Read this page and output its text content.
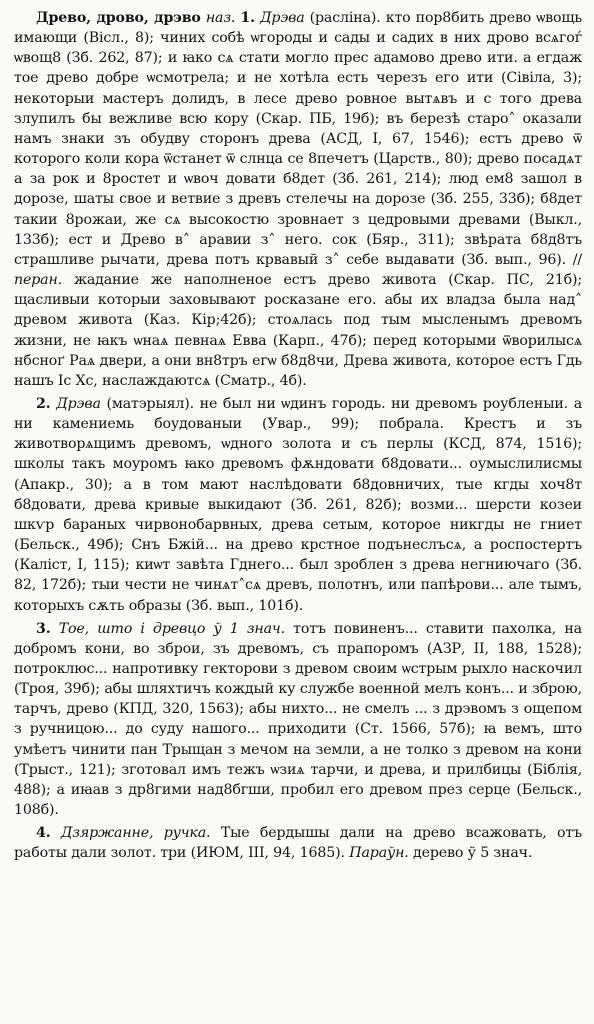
Древо, дрово, дрэво наз. 1. Дрэва (расліна). кто пор8бить древо ѡвощь имающи (Вісл., 8); чиних собѣ ѡгороды и сады и садих в них дрово всѧгоѓ ѡвощ8 (Зб. 262, 87); и ꙗко сѧ стати могло прес адамово древо ити. а егдаж тое древо добре ѡсмотрела; и не хотѣла есть черезъ его ити (Сівіла, 3); некоторыи мастеръ долидъ, в лесе древо ровное вытѧвъ и с того древа злупилъ бы вежливе всю кору (Скар. ПБ, 19б); въ березѣ старо˄ оказали намъ знаки зъ обудву сторонъ древа (АСД, I, 67, 1546); естъ древо ѿ которого коли кора ѿстанет ѿ слнца се 8печетъ (Царств., 80); древо посадѧт а за рок и 8ростет и ѡвоч довати б8дет (Зб. 261, 214); люд ем8 зашол в дорозе, шаты свое и ветвие з древъ стелечы на дорозе (Зб. 255, 33б); б8дет такии 8рожаи, же сѧ высокостю зровнает з цедровыми древами (Выкл., 133б); ест и Древо в˄ аравии з˄ него. сок (Бяр., 311); звѣрата б8д8тъ страшливе рычати, древа потъ крвавый з˄ себе выдавати (Зб. вып., 96). // перан. жадание же наполненое естъ древо живота (Скар. ПС, 21б); щасливыи которыи заховывают росказане его. абы их владза была над˄ древом живота (Каз. Кір;42б); стоѧлась под тым мысленымъ древомъ жизни, не ꙗкъ ѡнаѧ певнаѧ Евва (Карп., 47б); перед которыми ѿворилысѧ нбсноґ Раѧ двери, а они вн8тръ егѡ б8д8чи, Древа живота, которое естъ Гдь нашъ Іс Хс, наслаждаютсѧ (Сматр., 4б).

2. Дрэва (матэрыял). не был ни ѡдинъ городь. ни древомъ роубленыи. а ни камениемь боудованыи (Увар., 99); побрала. Крестъ и зъ животворѧщимъ древомъ, ѡдного золота и съ перлы (КСД, 874, 1516); школы такъ моуромъ ꙗко древомъ фѫндовати б8довати... оумыслилисмы (Апакр., 30); а в том мают наслѣдовати б8довничих, тые кгды хоч8т б8довати, древа кривые выкидают (Зб. 261, 82б); возми... шерсти козеи шкѵр бараных чирвонобарвных, древа сетым, которое никгды не гниет (Бельск., 49б); Снъ Бжій... на древо крстное подънеслъсѧ, а роспостертъ (Каліст, I, 115); киѡт завѣта Гднего... был зроблен з древа негниючаго (Зб. 82, 172б); тыи чести не чинѧт˄сѧ древъ, полотнъ, или папѣрови... але тымъ, которыхъ сѫть образы (Зб. вып., 101б).

3. Тое, што і древцо ў 1 знач. тотъ повиненъ... ставити пахолка, на добромъ кони, во зброи, зъ древомъ, съ прапоромъ (АЗР, II, 188, 1528); потроклюс... напротивку гекторови з древом своим ѡстрым рыхло наскочил (Троя, 39б); абы шляхтичъ кождый ку службе военной мелъ конъ... и зброю, тарчъ, древо (КПД, 320, 1563); абы нихто... не смелъ ... з дрэвомъ з ощепом з ручницою... до суду нашого... приходити (Ст. 1566, 57б); ꙗ вемъ, што умѣетъ чинити пан Трыщан з мечом на земли, а не толко з древом на кони (Трыст., 121); зготовал имъ тежъ ѡзиѧ тарчи, и древа, и прилбицы (Біблія, 488); а иꙗав з др8гими над8бгши, пробил его древом през серце (Бельск., 108б).

4. Дзяржанне, ручка. Тые бердышы дали на древо всажовать, отъ работы дали золот. три (ИЮМ, III, 94, 1685). Параўн. дерево ў 5 знач.
